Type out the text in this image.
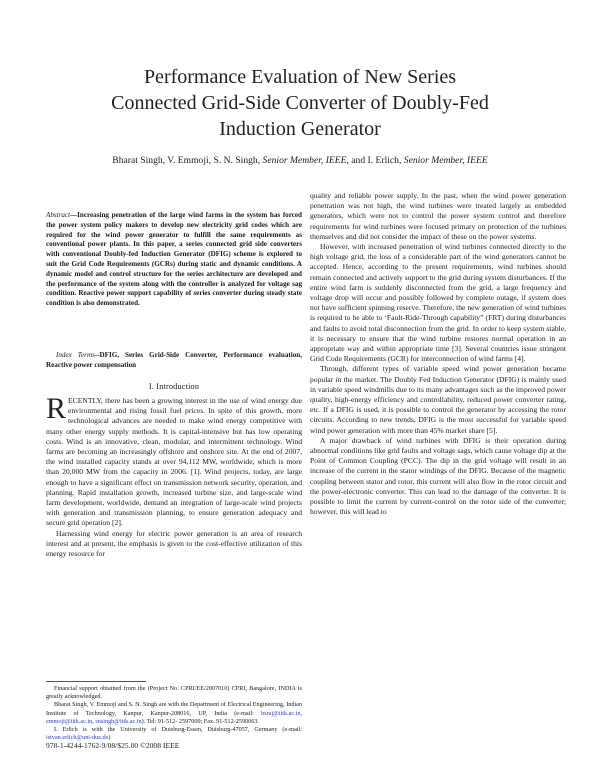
Performance Evaluation of New Series
Connected Grid-Side Converter of Doubly-Fed
Induction Generator
Bharat Singh, V. Emmoji, S. N. Singh, Senior Member, IEEE, and I. Erlich, Senior Member, IEEE
Abstract—Increasing penetration of the large wind farms in the system has forced the power system policy makers to develop new electricity grid codes which are required for the wind power generator to fulfill the same requirements as conventional power plants. In this paper, a series connected grid side converters with conventional Doubly-fed Induction Generator (DFIG) scheme is explored to suit the Grid Code Requirements (GCRs) during static and dynamic conditions. A dynamic model and control structure for the series architecture are developed and the performance of the system along with the controller is analyzed for voltage sag condition. Reactive power support capability of series converter during steady state condition is also demonstrated.
Index Terms--DFIG, Series Grid-Side Converter, Performance evaluation, Reactive power compensation
I. Introduction

RECENTLY, there has been a growing interest in the use of wind energy due environmental and rising fossil fuel prices. In spite of this growth, more technological advances are needed to make wind energy competitive with many other energy supply methods. It is capital-intensive but has low operating costs. Wind is an innovative, clean, modular, and intermittent technology. Wind farms are becoming an increasingly offshore and onshore site. At the end of 2007, the wind installed capacity stands at over 94,112 MW, worldwide, which is more than 20,000 MW from the capacity in 2006. [1]. Wind projects, today, are large enough to have a significant effect on transmission network security, operation, and planning. Rapid installation growth, increased turbine size, and large-scale wind farm development, worldwide, demand an integration of large-scale wind projects with generation and transmission planning, to ensure generation adequacy and secure grid operation [2].

Harnessing wind energy for electric power generation is an area of research interest and at present, the emphasis is given to the cost-effective utilization of this energy resource for

Financial support obtained from the (Project No. CPRI/EE/2007010) CPRI, Bangalore, INDIA is greatly acknowledged.

Bharat Singh, V. Emmoji and S. N. Singh are with the Department of Electrical Engineering, Indian Institute of Technology, Kanpur, Kanpur-208016, UP, India (e-mail: bsraj@iitk.ac.in, emmoji@iitk.ac.in, snsingh@iitk.ac.in). Tel: 91-512- 2597009; Fax. 91-512-2590063.

I. Erlich is with the University of Duisburg-Essen, Duisburg-47057, Germany (e-mail: istvan.erlich@uni-due.de)

978-1-4244-1762-9/08/$25.00 ©2008 IEEE

quality and reliable power supply. In the past, when the wind power generation penetration was not high, the wind turbines were treated largely as embedded generators, which were not to control the power system control and therefore requirements for wind turbines were focused primary on protection of the turbines themselves and did not consider the impact of these on the power systems.

However, with increased penetration of wind turbines connected directly to the high voltage grid, the loss of a considerable part of the wind generators cannot be accepted. Hence, according to the present requirements, wind turbines should remain connected and actively support to the grid during system disturbances. If the entire wind farm is suddenly disconnected from the grid, a large frequency and voltage drop will occur and possibly followed by complete outage, if system does not have sufficient spinning reserve. Therefore, the new generation of wind turbines is required to be able to ‘Fault-Ride-Through capability” (FRT) during disturbances and faults to avoid total disconnection from the grid. In order to keep system stable, it is necessary to ensure that the wind turbine restores normal operation in an appropriate way and within appropriate time [3]. Several countries issue stringent Grid Code Requirements (GCR) for interconnection of wind farms [4].

Through, different types of variable speed wind power generation became popular in the market. The Doubly Fed Induction Generator (DFIG) is mainly used in variable speed windmills due to its many advantages such as the improved power quality, high-energy efficiency and controllability, reduced power converter rating, etc. If a DFIG is used, it is possible to control the generator by accessing the rotor circuits. According to new trends, DFIG is the most successful for variable speed wind power generation with more than 45% market share [5].

A major drawback of wind turbines with DFIG is their operation during abnormal conditions like grid faults and voltage sags, which cause voltage dip at the Point of Common Coupling (PCC). The dip in the grid voltage will result in an increase of the current in the stator windings of the DFIG. Because of the magnetic coupling between stator and rotor, this current will also flow in the rotor circuit and the power-electronic converter. This can lead to the damage of the converter. It is possible to limit the current by current-control on the rotor side of the converter; however, this will lead to
